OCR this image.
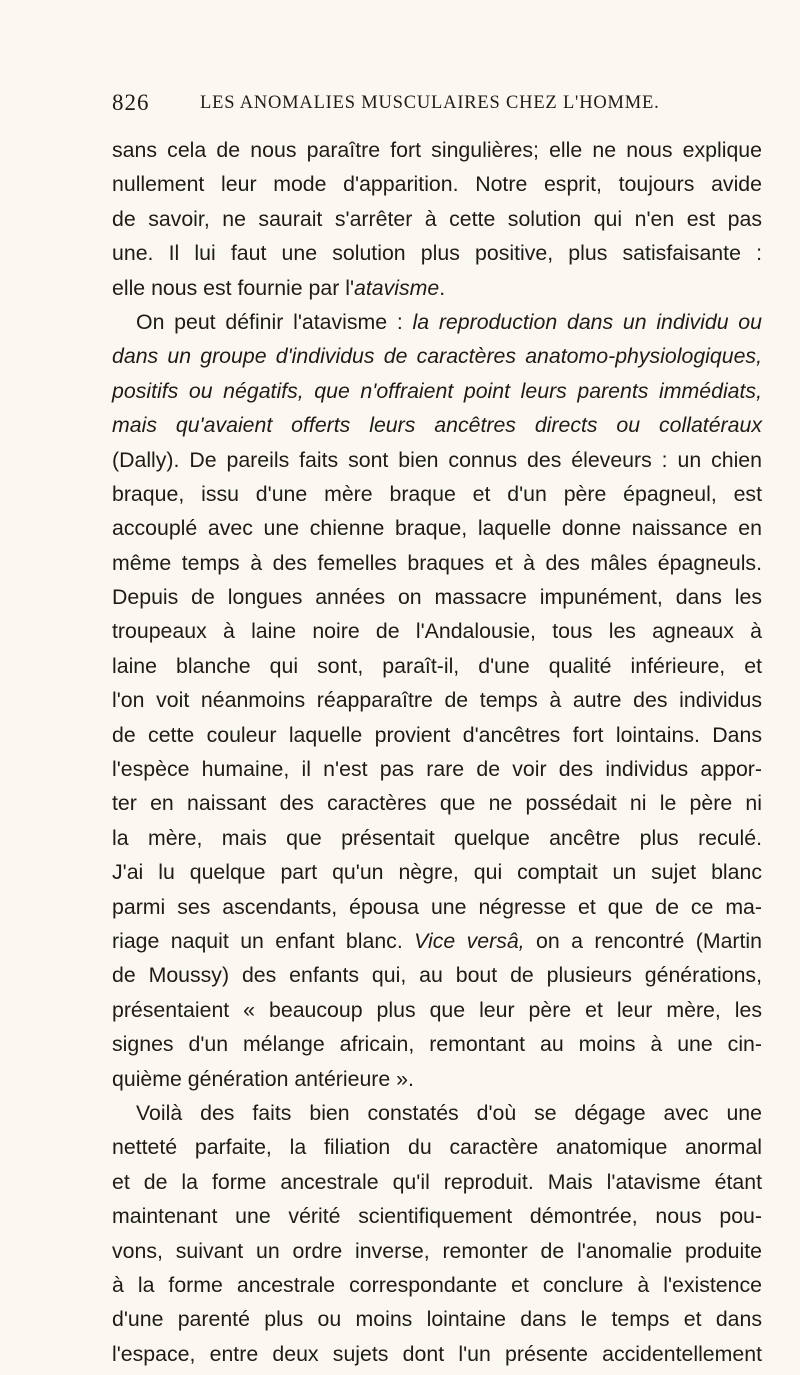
826	LES ANOMALIES MUSCULAIRES CHEZ L'HOMME.
sans cela de nous paraître fort singulières; elle ne nous explique
nullement leur mode d'apparition. Notre esprit, toujours avide
de savoir, ne saurait s'arrêter à cette solution qui n'en est pas
une. Il lui faut une solution plus positive, plus satisfaisante :
elle nous est fournie par l'atavisme.
On peut définir l'atavisme : la reproduction dans un individu ou
dans un groupe d'individus de caractères anatomo-physiologiques,
positifs ou négatifs, que n'offraient point leurs parents immédiats,
mais qu'avaient offerts leurs ancêtres directs ou collatéraux
(Dally). De pareils faits sont bien connus des éleveurs : un chien
braque, issu d'une mère braque et d'un père épagneul, est
accouplé avec une chienne braque, laquelle donne naissance en
même temps à des femelles braques et à des mâles épagneuls.
Depuis de longues années on massacre impunément, dans les
troupeaux à laine noire de l'Andalousie, tous les agneaux à
laine blanche qui sont, paraît-il, d'une qualité inférieure, et
l'on voit néanmoins réapparaître de temps à autre des individus
de cette couleur laquelle provient d'ancêtres fort lointains. Dans
l'espèce humaine, il n'est pas rare de voir des individus appor-
ter en naissant des caractères que ne possédait ni le père ni
la mère, mais que présentait quelque ancêtre plus reculé.
J'ai lu quelque part qu'un nègre, qui comptait un sujet blanc
parmi ses ascendants, épousa une négresse et que de ce ma-
riage naquit un enfant blanc. Vice versâ, on a rencontré (Martin
de Moussy) des enfants qui, au bout de plusieurs générations,
présentaient « beaucoup plus que leur père et leur mère, les
signes d'un mélange africain, remontant au moins à une cin-
quième génération antérieure ».
Voilà des faits bien constatés d'où se dégage avec une
netteté parfaite, la filiation du caractère anatomique anormal
et de la forme ancestrale qu'il reproduit. Mais l'atavisme étant
maintenant une vérité scientifiquement démontrée, nous pou-
vons, suivant un ordre inverse, remonter de l'anomalie produite
à la forme ancestrale correspondante et conclure à l'existence
d'une parenté plus ou moins lointaine dans le temps et dans
l'espace, entre deux sujets dont l'un présente accidentellement
